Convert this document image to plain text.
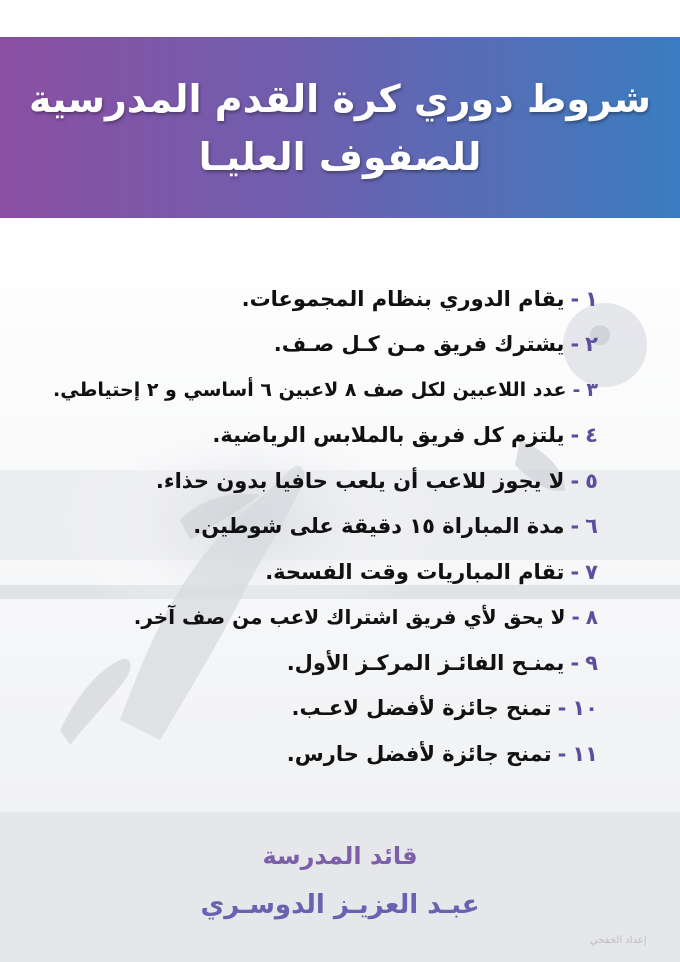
شروط دوري كرة القدم المدرسية
للصفوف العليـا
١
-
يقام الدوري بنظام المجموعات.
٢
-
يشترك فريق مـن كـل صـف.
٣
-
عدد اللاعبين لكل صف ٨ لاعبين ٦ أساسي و ٢ إحتياطي.
٤
-
يلتزم كل فريق بالملابس الرياضية.
٥
-
لا يجوز للاعب أن يلعب حافيا بدون حذاء.
٦
-
مدة المباراة ١٥ دقيقة على شوطين.
٧
-
تقام المباريات وقت الفسحة.
٨
-
لا يحق لأي فريق اشتراك لاعب من صف آخر.
٩
-
يمنـح الفائـز المركـز الأول.
١٠
-
تمنح جائزة لأفضل لاعـب.
١١
-
تمنح جائزة لأفضل حارس.

قائد المدرسة

عبـد العزيـز الدوسـري

إعداد الخفجي
